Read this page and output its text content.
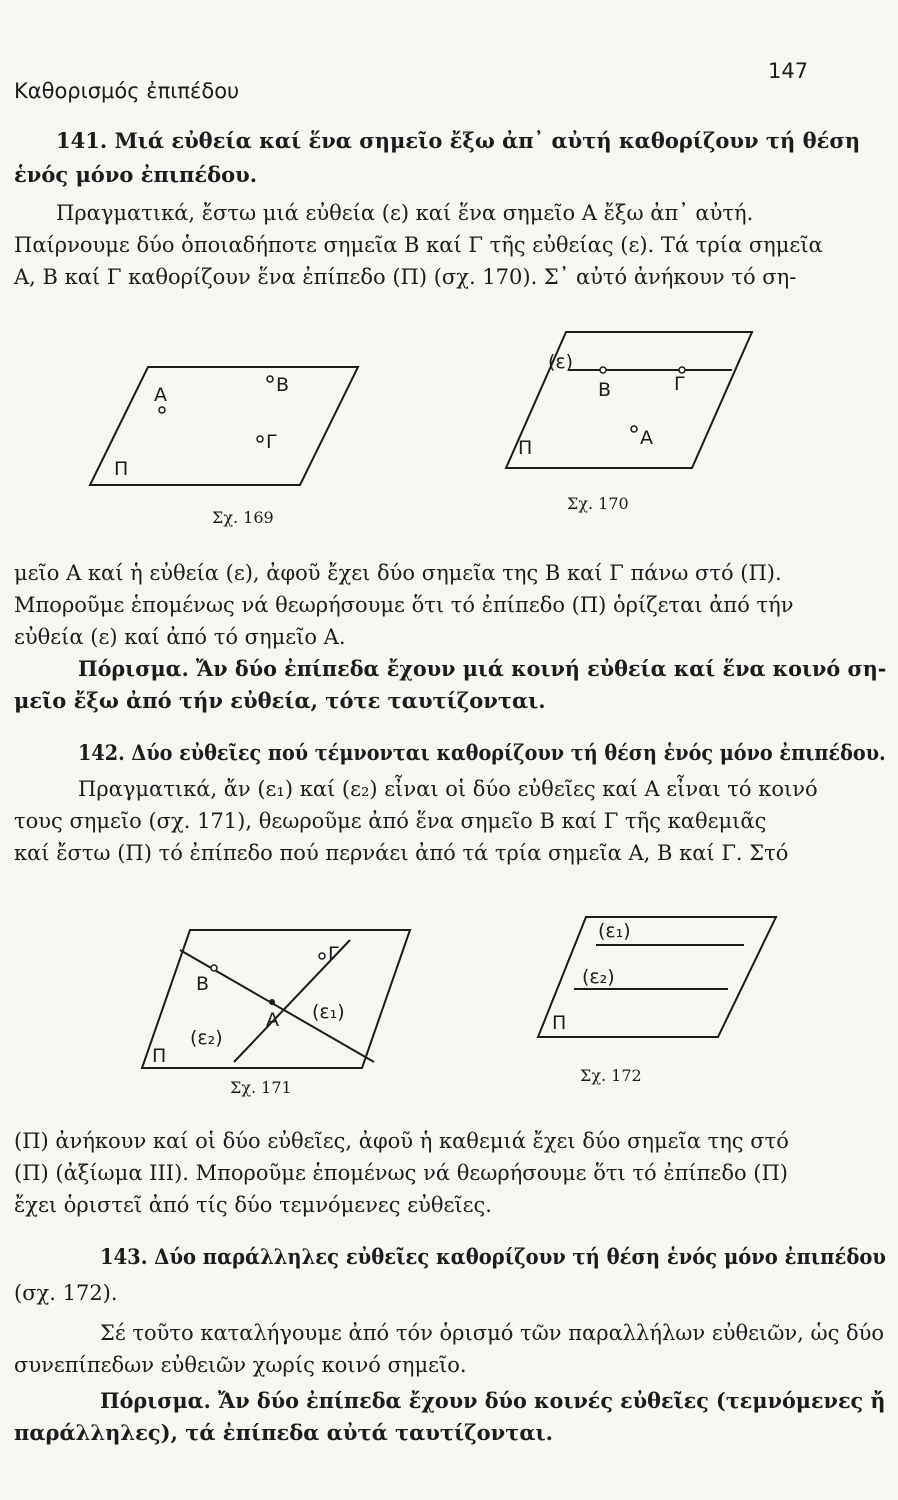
Καθορισμός ἐπιπέδου
147
141. Μιά εὐθεία καί ἕνα σημεῖο ἔξω ἀπ᾽ αὐτή καθορίζουν τή θέση
ἑνός μόνο ἐπιπέδου.
Πραγματικά, ἔστω μιά εὐθεία (ε) καί ἕνα σημεῖο Α ἔξω ἀπ᾽ αὐτή.
Παίρνουμε δύο ὁποιαδήποτε σημεῖα Β καί Γ τῆς εὐθείας (ε). Τά τρία σημεῖα
Α, Β καί Γ καθορίζουν ἕνα ἐπίπεδο (Π) (σχ. 170). Σ᾽ αὐτό ἀνήκουν τό ση-
A	B
Γ
Π
Σχ. 169
(ε)
B	Γ
A
Π
Σχ. 170
μεῖο Α καί ἡ εὐθεία (ε), ἀφοῦ ἔχει δύο σημεῖα της Β καί Γ πάνω στό (Π).
Μποροῦμε ἑπομένως νά θεωρήσουμε ὅτι τό ἐπίπεδο (Π) ὁρίζεται ἀπό τήν
εὐθεία (ε) καί ἀπό τό σημεῖο Α.
Πόρισμα. Ἄν δύο ἐπίπεδα ἔχουν μιά κοινή εὐθεία καί ἕνα κοινό ση-
μεῖο ἔξω ἀπό τήν εὐθεία, τότε ταυτίζονται.
142. Δύο εὐθεῖες πού τέμνονται καθορίζουν τή θέση ἑνός μόνο ἐπιπέδου.
Πραγματικά, ἄν (ε₁) καί (ε₂) εἶναι οἱ δύο εὐθεῖες καί Α εἶναι τό κοινό
τους σημεῖο (σχ. 171), θεωροῦμε ἀπό ἕνα σημεῖο Β καί Γ τῆς καθεμιᾶς
καί ἔστω (Π) τό ἐπίπεδο πού περνάει ἀπό τά τρία σημεῖα Α, Β καί Γ. Στό
B
Γ
A (ε₁)
(ε₂)
Π
Σχ. 171
(ε₁)
(ε₂)
Π
Σχ. 172
(Π) ἀνήκουν καί οἱ δύο εὐθεῖες, ἀφοῦ ἡ καθεμιά ἔχει δύο σημεῖα της στό
(Π) (ἀξίωμα ΙΙΙ). Μποροῦμε ἑπομένως νά θεωρήσουμε ὅτι τό ἐπίπεδο (Π)
ἔχει ὁριστεῖ ἀπό τίς δύο τεμνόμενες εὐθεῖες.
143. Δύο παράλληλες εὐθεῖες καθορίζουν τή θέση ἑνός μόνο ἐπιπέδου
(σχ. 172).
Σέ τοῦτο καταλήγουμε ἀπό τόν ὁρισμό τῶν παραλλήλων εὐθειῶν, ὡς δύο
συνεπίπεδων εὐθειῶν χωρίς κοινό σημεῖο.
Πόρισμα. Ἄν δύο ἐπίπεδα ἔχουν δύο κοινές εὐθεῖες (τεμνόμενες ἤ
παράλληλες), τά ἐπίπεδα αὐτά ταυτίζονται.
